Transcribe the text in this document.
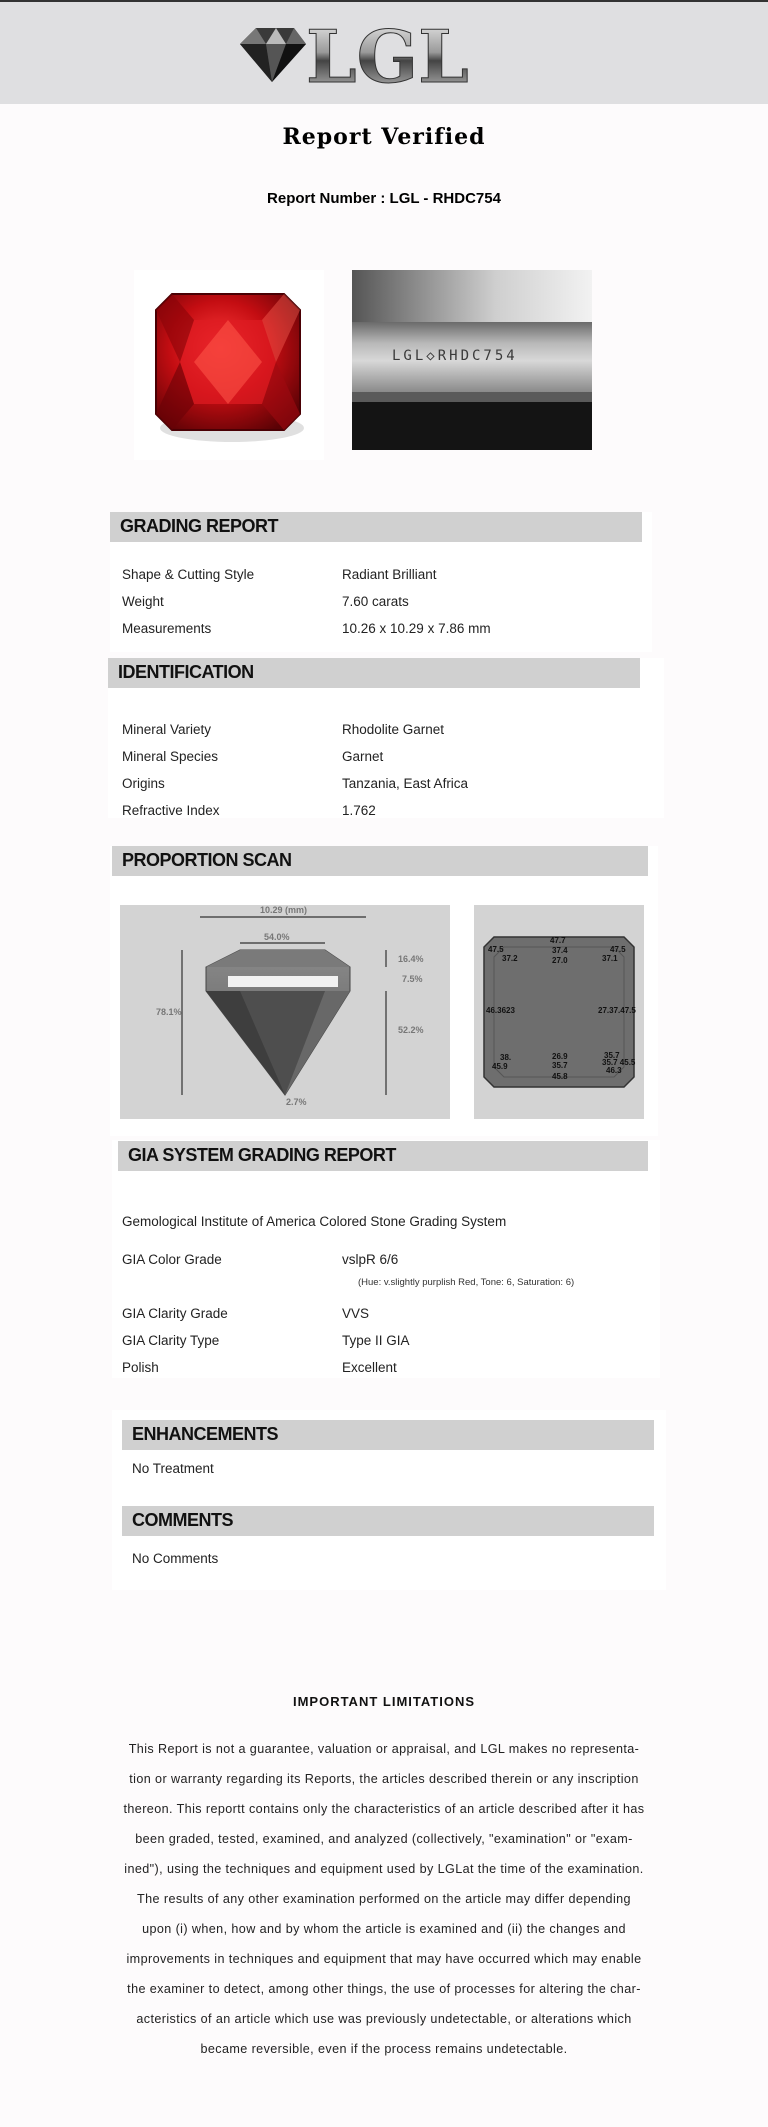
LGL
Report Verified
Report Number : LGL - RHDC754
LGL◇RHDC754
GRADING REPORT
Shape & Cutting Style	Radiant Brilliant
Weight	7.60 carats
Measurements	10.26 x 10.29 x 7.86 mm
IDENTIFICATION
Mineral Variety	Rhodolite Garnet
Mineral Species	Garnet
Origins	Tanzania, East Africa
Refractive Index	1.762
PROPORTION SCAN
10.29 (mm)
54.0%
78.1%
16.4%
7.5%
52.2%
2.7%
47.7
37.4
27.0
47.5
37.2
47.5
37.1
46.3623	27.37.47.5
38.
45.9
26.9
35.7
45.8
35.7
35.7 45.5
46.3
GIA SYSTEM GRADING REPORT
Gemological Institute of America Colored Stone Grading System
GIA Color Grade	vslpR 6/6
(Hue: v.slightly purplish Red, Tone: 6, Saturation: 6)
GIA Clarity Grade	VVS
GIA Clarity Type	Type II GIA
Polish	Excellent
ENHANCEMENTS
No Treatment
COMMENTS
No Comments
IMPORTANT LIMITATIONS
This Report is not a guarantee, valuation or appraisal, and LGL makes no representa-
tion or warranty regarding its Reports, the articles described therein or any inscription
thereon. This reportt contains only the characteristics of an article described after it has
been graded, tested, examined, and analyzed (collectively, "examination" or "exam-
ined"), using the techniques and equipment used by LGLat the time of the examination.
The results of any other examination performed on the article may differ depending
upon (i) when, how and by whom the article is examined and (ii) the changes and
improvements in techniques and equipment that may have occurred which may enable
the examiner to detect, among other things, the use of processes for altering the char-
acteristics of an article which use was previously undetectable, or alterations which
became reversible, even if the process remains undetectable.
